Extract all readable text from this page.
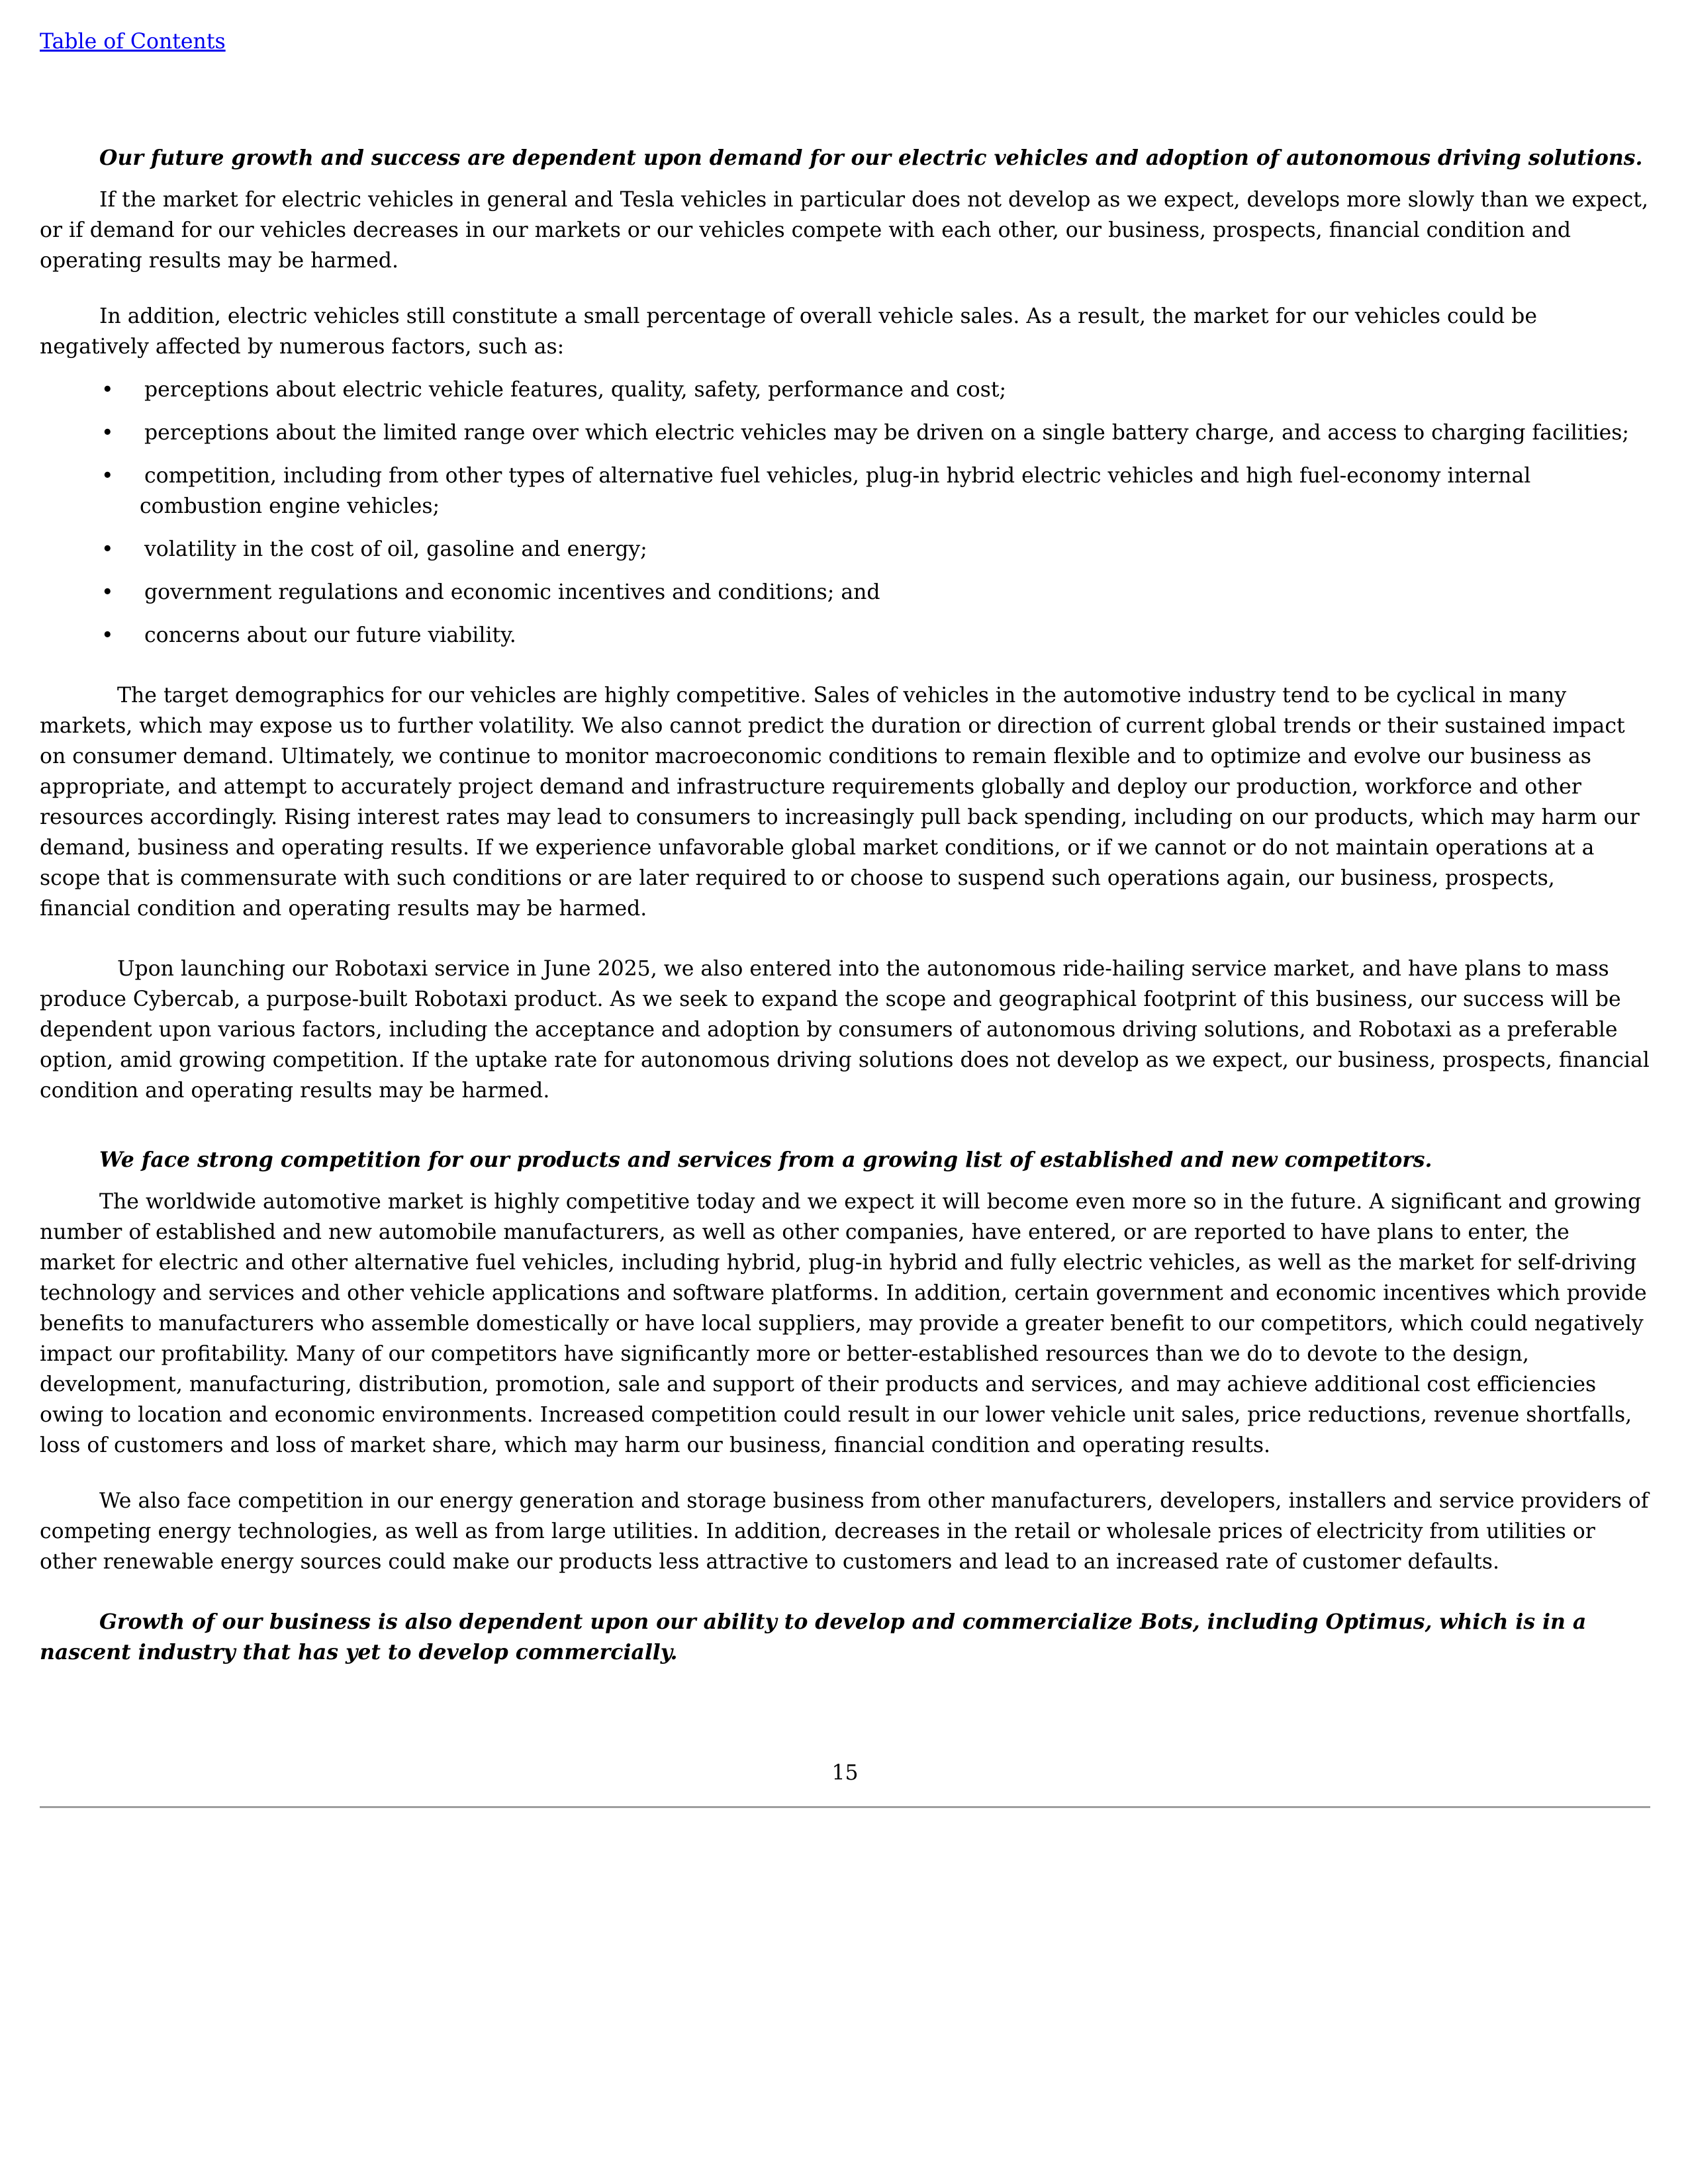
Table of Contents

Our future growth and success are dependent upon demand for our electric vehicles and adoption of autonomous driving solutions.

If the market for electric vehicles in general and Tesla vehicles in particular does not develop as we expect, develops more slowly than we expect, or if demand for our vehicles decreases in our markets or our vehicles compete with each other, our business, prospects, financial condition and operating results may be harmed.

In addition, electric vehicles still constitute a small percentage of overall vehicle sales. As a result, the market for our vehicles could be negatively affected by numerous factors, such as:

• perceptions about electric vehicle features, quality, safety, performance and cost;
• perceptions about the limited range over which electric vehicles may be driven on a single battery charge, and access to charging facilities;
• competition, including from other types of alternative fuel vehicles, plug-in hybrid electric vehicles and high fuel-economy internal combustion engine vehicles;
• volatility in the cost of oil, gasoline and energy;
• government regulations and economic incentives and conditions; and
• concerns about our future viability.

The target demographics for our vehicles are highly competitive. Sales of vehicles in the automotive industry tend to be cyclical in many markets, which may expose us to further volatility. We also cannot predict the duration or direction of current global trends or their sustained impact on consumer demand. Ultimately, we continue to monitor macroeconomic conditions to remain flexible and to optimize and evolve our business as appropriate, and attempt to accurately project demand and infrastructure requirements globally and deploy our production, workforce and other resources accordingly. Rising interest rates may lead to consumers to increasingly pull back spending, including on our products, which may harm our demand, business and operating results. If we experience unfavorable global market conditions, or if we cannot or do not maintain operations at a scope that is commensurate with such conditions or are later required to or choose to suspend such operations again, our business, prospects, financial condition and operating results may be harmed.

Upon launching our Robotaxi service in June 2025, we also entered into the autonomous ride-hailing service market, and have plans to mass produce Cybercab, a purpose-built Robotaxi product. As we seek to expand the scope and geographical footprint of this business, our success will be dependent upon various factors, including the acceptance and adoption by consumers of autonomous driving solutions, and Robotaxi as a preferable option, amid growing competition. If the uptake rate for autonomous driving solutions does not develop as we expect, our business, prospects, financial condition and operating results may be harmed.

We face strong competition for our products and services from a growing list of established and new competitors.

The worldwide automotive market is highly competitive today and we expect it will become even more so in the future. A significant and growing number of established and new automobile manufacturers, as well as other companies, have entered, or are reported to have plans to enter, the market for electric and other alternative fuel vehicles, including hybrid, plug-in hybrid and fully electric vehicles, as well as the market for self-driving technology and services and other vehicle applications and software platforms. In addition, certain government and economic incentives which provide benefits to manufacturers who assemble domestically or have local suppliers, may provide a greater benefit to our competitors, which could negatively impact our profitability. Many of our competitors have significantly more or better-established resources than we do to devote to the design, development, manufacturing, distribution, promotion, sale and support of their products and services, and may achieve additional cost efficiencies owing to location and economic environments. Increased competition could result in our lower vehicle unit sales, price reductions, revenue shortfalls, loss of customers and loss of market share, which may harm our business, financial condition and operating results.

We also face competition in our energy generation and storage business from other manufacturers, developers, installers and service providers of competing energy technologies, as well as from large utilities. In addition, decreases in the retail or wholesale prices of electricity from utilities or other renewable energy sources could make our products less attractive to customers and lead to an increased rate of customer defaults.

Growth of our business is also dependent upon our ability to develop and commercialize Bots, including Optimus, which is in a nascent industry that has yet to develop commercially.

15
